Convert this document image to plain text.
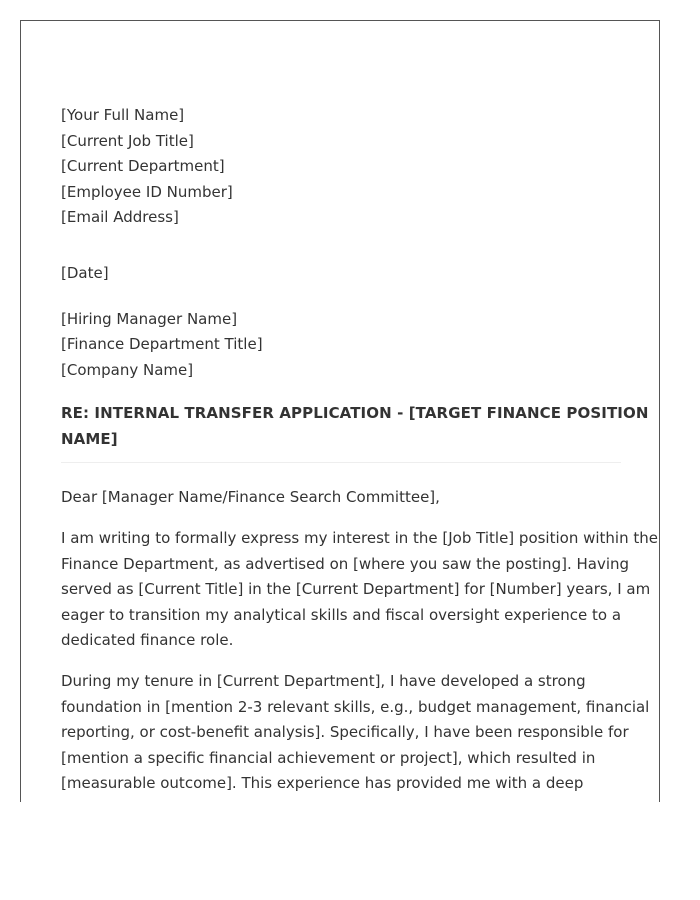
[Your Full Name]
[Current Job Title]
[Current Department]
[Employee ID Number]
[Email Address]
[Date]
[Hiring Manager Name]
[Finance Department Title]
[Company Name]
RE: INTERNAL TRANSFER APPLICATION - [TARGET FINANCE POSITION
NAME]
Dear [Manager Name/Finance Search Committee],
I am writing to formally express my interest in the [Job Title] position within the
Finance Department, as advertised on [where you saw the posting]. Having
served as [Current Title] in the [Current Department] for [Number] years, I am
eager to transition my analytical skills and fiscal oversight experience to a
dedicated finance role.
During my tenure in [Current Department], I have developed a strong
foundation in [mention 2-3 relevant skills, e.g., budget management, financial
reporting, or cost-benefit analysis]. Specifically, I have been responsible for
[mention a specific financial achievement or project], which resulted in
[measurable outcome]. This experience has provided me with a deep
